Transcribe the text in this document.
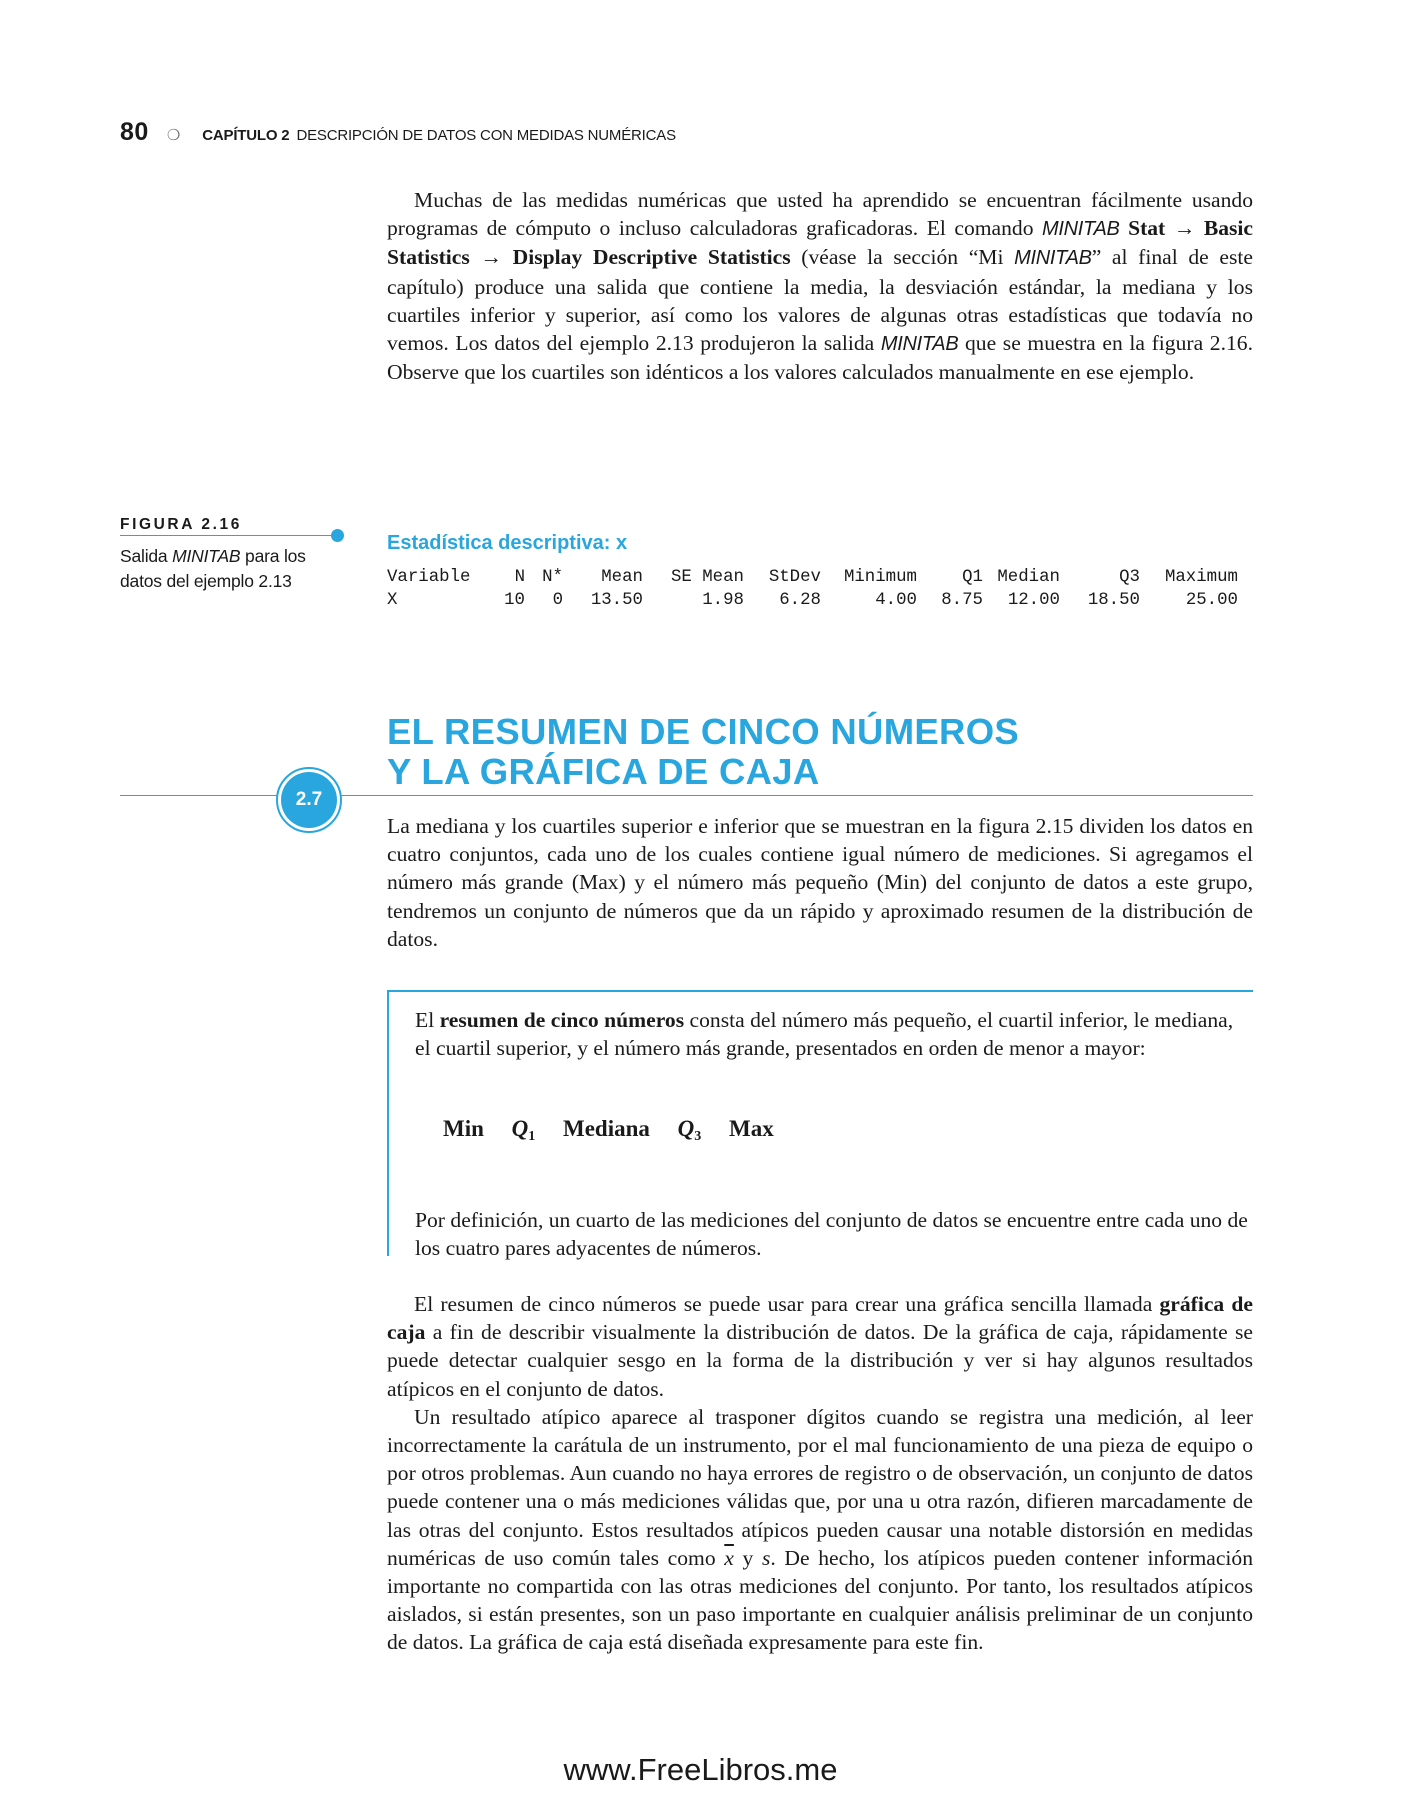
80 ❍ CAPÍTULO 2 DESCRIPCIÓN DE DATOS CON MEDIDAS NUMÉRICAS

Muchas de las medidas numéricas que usted ha aprendido se encuentran fácilmente usando programas de cómputo o incluso calculadoras graficadoras. El comando MINITAB Stat → Basic Statistics → Display Descriptive Statistics (véase la sección “Mi MINITAB” al final de este capítulo) produce una salida que contiene la media, la desviación estándar, la mediana y los cuartiles inferior y superior, así como los valores de algunas otras estadísticas que todavía no vemos. Los datos del ejemplo 2.13 produjeron la salida MINITAB que se muestra en la figura 2.16. Observe que los cuartiles son idénticos a los valores calculados manualmente en ese ejemplo.

FIGURA 2.16
Salida MINITAB para los datos del ejemplo 2.13
Estadística descriptiva: x
Variable	N	N*	Mean	SE Mean	StDev	Minimum	Q1	Median	Q3	Maximum
X	10	0	13.50	1.98	6.28	4.00	8.75	12.00	18.50	25.00
EL RESUMEN DE CINCO NÚMEROS
Y LA GRÁFICA DE CAJA
2.7

La mediana y los cuartiles superior e inferior que se muestran en la figura 2.15 dividen los datos en cuatro conjuntos, cada uno de los cuales contiene igual número de mediciones. Si agregamos el número más grande (Max) y el número más pequeño (Min) del conjunto de datos a este grupo, tendremos un conjunto de números que da un rápido y aproximado resumen de la distribución de datos.

El resumen de cinco números consta del número más pequeño, el cuartil inferior, le mediana, el cuartil superior, y el número más grande, presentados en orden de menor a mayor:

Min $Q_1$ Mediana $Q_3$ Max

Por definición, un cuarto de las mediciones del conjunto de datos se encuentre entre cada uno de los cuatro pares adyacentes de números.

El resumen de cinco números se puede usar para crear una gráfica sencilla llamada gráfica de caja a fin de describir visualmente la distribución de datos. De la gráfica de caja, rápidamente se puede detectar cualquier sesgo en la forma de la distribución y ver si hay algunos resultados atípicos en el conjunto de datos.

Un resultado atípico aparece al trasponer dígitos cuando se registra una medición, al leer incorrectamente la carátula de un instrumento, por el mal funcionamiento de una pieza de equipo o por otros problemas. Aun cuando no haya errores de registro o de observación, un conjunto de datos puede contener una o más mediciones válidas que, por una u otra razón, difieren marcadamente de las otras del conjunto. Estos resultados atípicos pueden causar una notable distorsión en medidas numéricas de uso común tales como $\overline{x}$ y s. De hecho, los atípicos pueden contener información importante no compartida con las otras mediciones del conjunto. Por tanto, los resultados atípicos aislados, si están presentes, son un paso importante en cualquier análisis preliminar de un conjunto de datos. La gráfica de caja está diseñada expresamente para este fin.

www.FreeLibros.me
